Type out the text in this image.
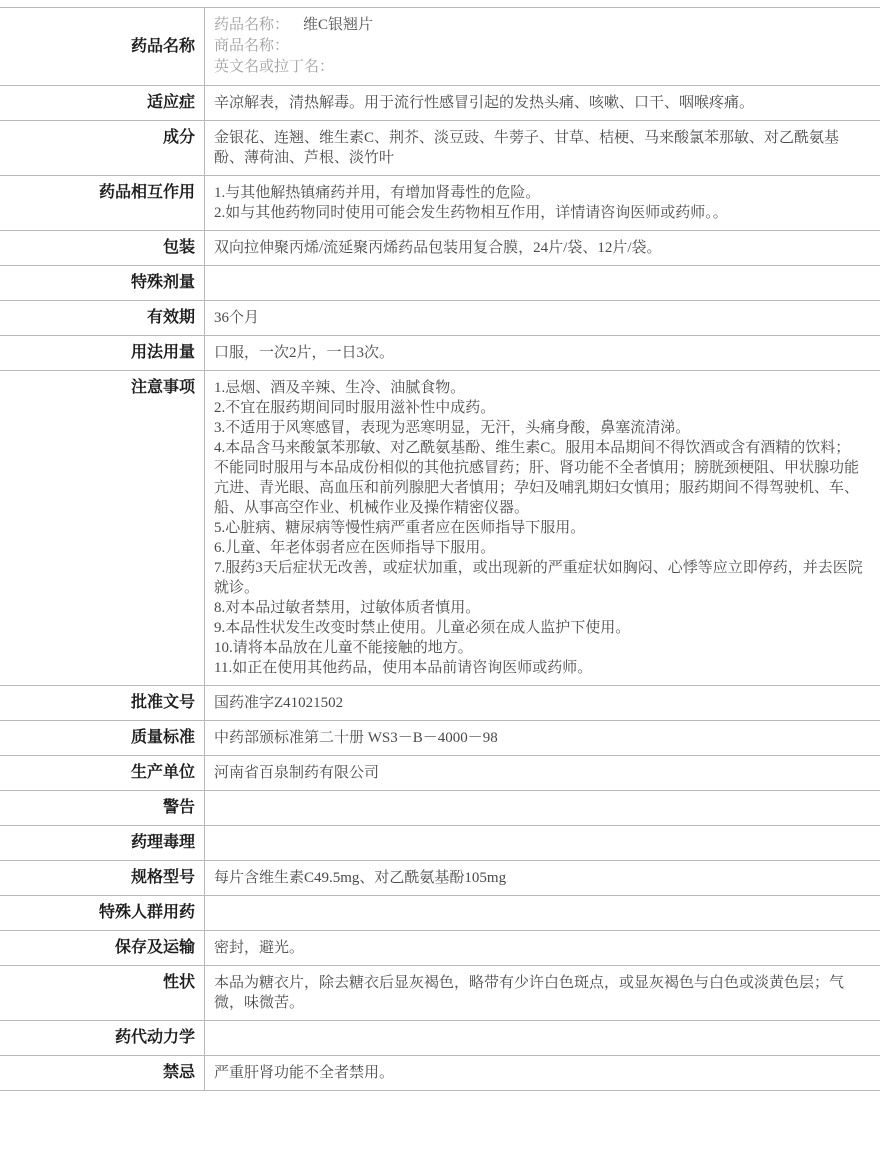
药品名称
药品名称： 维C银翘片
商品名称：
英文名或拉丁名：
适应症	辛凉解表，清热解毒。用于流行性感冒引起的发热头痛、咳嗽、口干、咽喉疼痛。
成分	金银花、连翘、维生素C、荆芥、淡豆豉、牛蒡子、甘草、桔梗、马来酸氯苯那敏、对乙酰氨基酚、薄荷油、芦根、淡竹叶
药品相互作用	1.与其他解热镇痛药并用，有增加肾毒性的危险。
2.如与其他药物同时使用可能会发生药物相互作用，详情请咨询医师或药师。。
包装	双向拉伸聚丙烯/流延聚丙烯药品包装用复合膜，24片/袋、12片/袋。
特殊剂量
有效期	36个月
用法用量	口服，一次2片，一日3次。
注意事项	1.忌烟、酒及辛辣、生冷、油腻食物。
2.不宜在服药期间同时服用滋补性中成药。
3.不适用于风寒感冒，表现为恶寒明显，无汗，头痛身酸，鼻塞流清涕。
4.本品含马来酸氯苯那敏、对乙酰氨基酚、维生素C。服用本品期间不得饮酒或含有酒精的饮料；不能同时服用与本品成份相似的其他抗感冒药；肝、肾功能不全者慎用；膀胱颈梗阻、甲状腺功能亢进、青光眼、高血压和前列腺肥大者慎用；孕妇及哺乳期妇女慎用；服药期间不得驾驶机、车、船、从事高空作业、机械作业及操作精密仪器。
5.心脏病、糖尿病等慢性病严重者应在医师指导下服用。
6.儿童、年老体弱者应在医师指导下服用。
7.服药3天后症状无改善，或症状加重，或出现新的严重症状如胸闷、心悸等应立即停药，并去医院就诊。
8.对本品过敏者禁用，过敏体质者慎用。
9.本品性状发生改变时禁止使用。儿童必须在成人监护下使用。
10.请将本品放在儿童不能接触的地方。
11.如正在使用其他药品，使用本品前请咨询医师或药师。
批准文号	国药准字Z41021502
质量标准	中药部颁标准第二十册 WS3－B－4000－98
生产单位	河南省百泉制药有限公司
警告
药理毒理
规格型号	每片含维生素C49.5mg、对乙酰氨基酚105mg
特殊人群用药
保存及运输	密封，避光。
性状	本品为糖衣片，除去糖衣后显灰褐色，略带有少许白色斑点，或显灰褐色与白色或淡黄色层；气微，味微苦。
药代动力学
禁忌	严重肝肾功能不全者禁用。
